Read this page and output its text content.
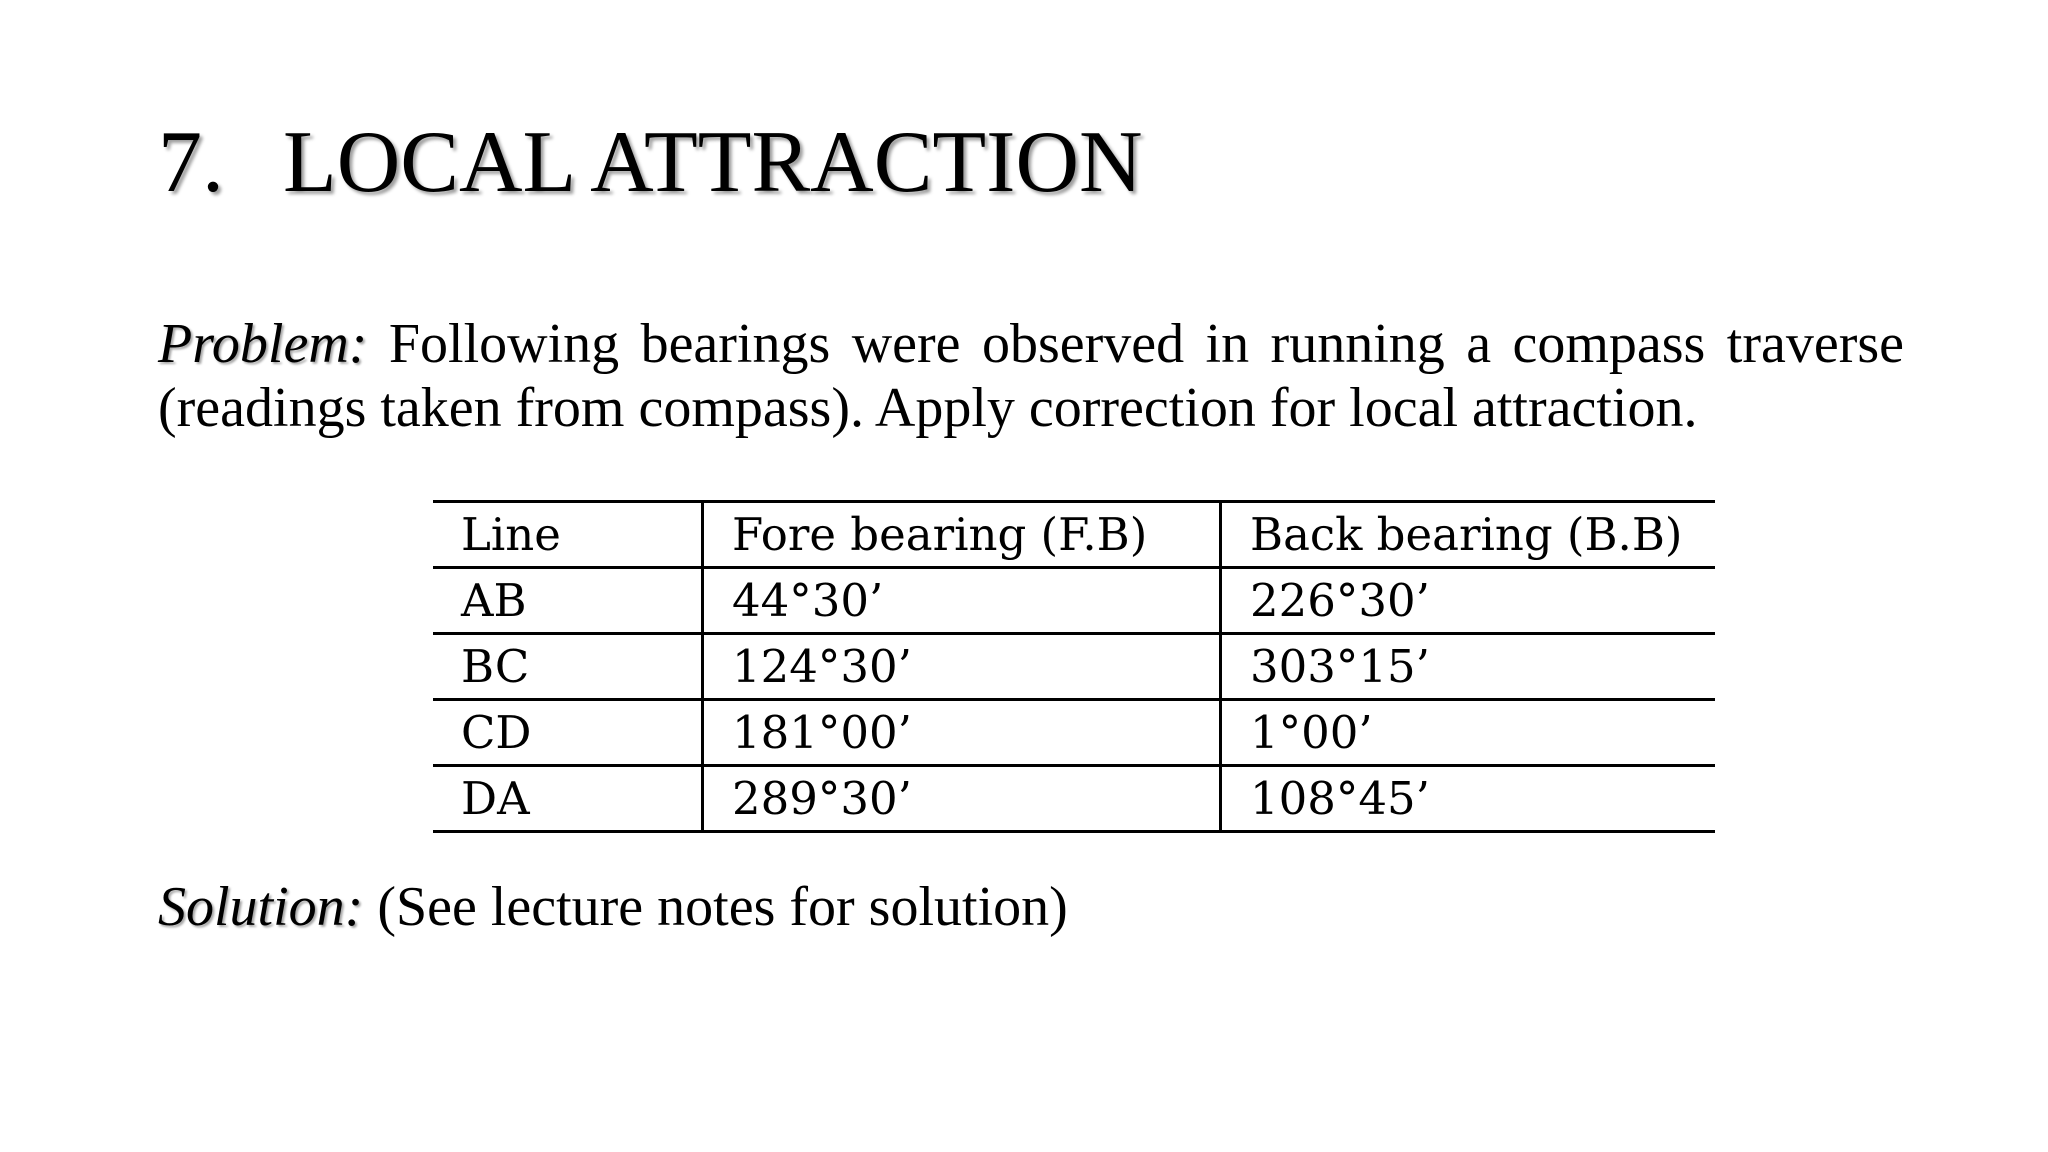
7. LOCAL ATTRACTION

Problem: Following bearings were observed in running a compass traverse (readings taken from compass). Apply correction for local attraction.

Line	Fore bearing (F.B)	Back bearing (B.B)
AB	44°30’	226°30’
BC	124°30’	303°15’
CD	181°00’	1°00’
DA	289°30’	108°45’

Solution: (See lecture notes for solution)
